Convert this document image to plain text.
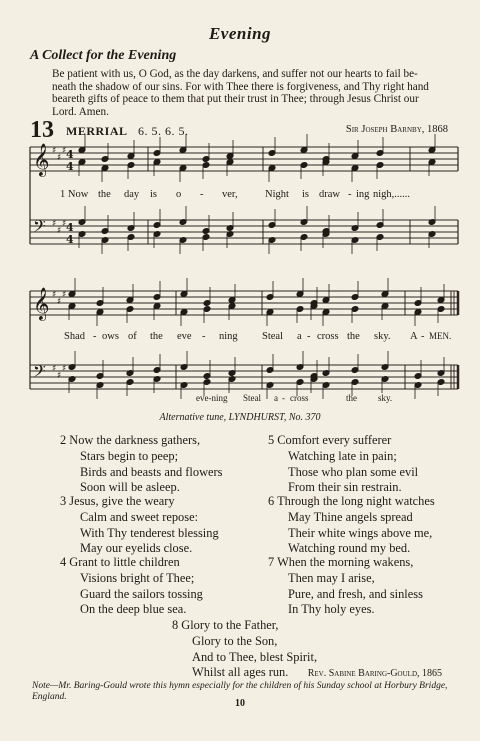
Evening
A Collect for the Evening
Be patient with us, O God, as the day darkens, and suffer not our hearts to fail be-
neath the shadow of our sins. For with Thee there is forgiveness, and Thy right hand
beareth gifts of peace to them that put their trust in Thee; through Jesus Christ our
Lord. Amen.
13 MERRIAL 6. 5. 6. 5.	Sir Joseph Barnby, 1868
𝄞 ♯
♯
♯
𝄢 ♯
♯
♯
𝄞 ♯
♯
♯
𝄢 ♯
♯
♯
4
4
4
4
1 Now the day is o - ver,	Night is draw - ing nigh,......
Shad - ows of the eve - ning Steal a - cross the sky. A - MEN.
eve-ning Steal a - cross	the sky.
Alternative tune, LYNDHURST, No. 370
2 Now the darkness gathers,
Stars begin to peep;
Birds and beasts and flowers
Soon will be asleep.
5 Comfort every sufferer
Watching late in pain;
Those who plan some evil
From their sin restrain.
3 Jesus, give the weary
Calm and sweet repose:
With Thy tenderest blessing
May our eyelids close.
6 Through the long night watches
May Thine angels spread
Their white wings above me,
Watching round my bed.
4 Grant to little children
Visions bright of Thee;
Guard the sailors tossing
On the deep blue sea.
7 When the morning wakens,
Then may I arise,
Pure, and fresh, and sinless
In Thy holy eyes.
8 Glory to the Father,
Glory to the Son,
And to Thee, blest Spirit,
Whilst all ages run.	Rev. Sabine Baring-Gould, 1865
Note—Mr. Baring-Gould wrote this hymn especially for the children of his Sunday school at Horbury Bridge, England.
10
